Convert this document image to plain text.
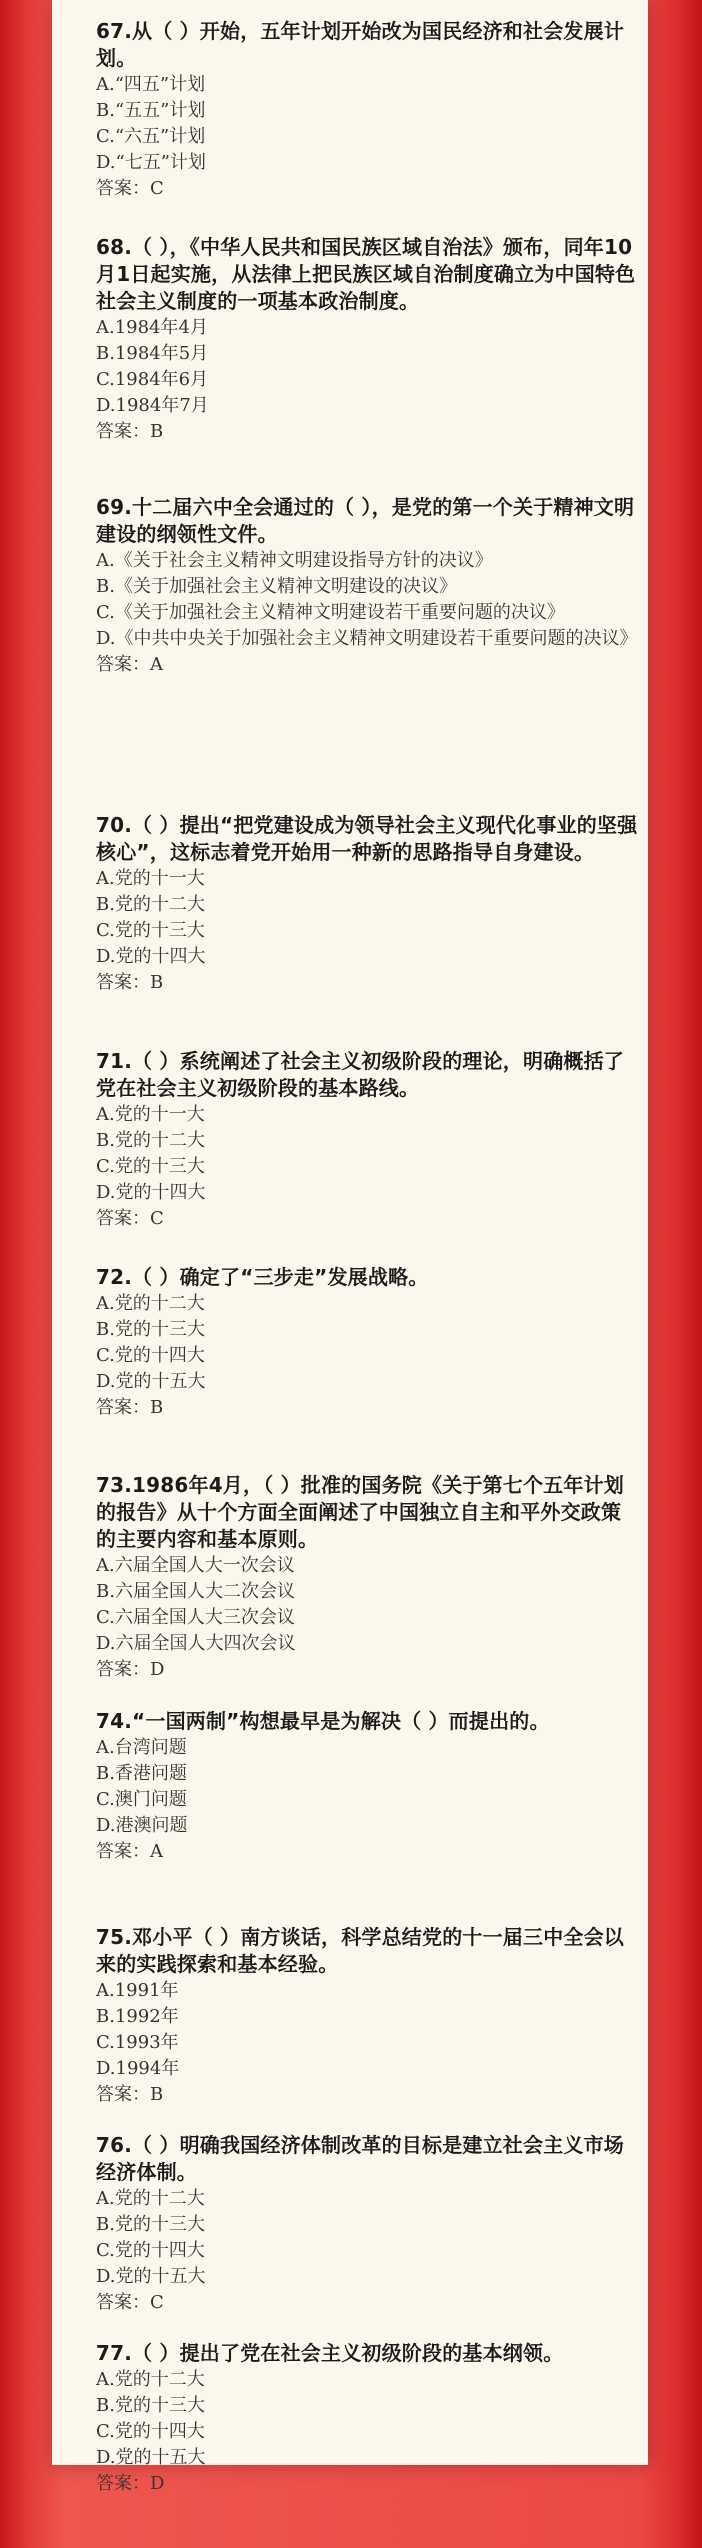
67.从（ ）开始，五年计划开始改为国民经济和社会发展计划。
A.“四五”计划
B.“五五”计划
C.“六五”计划
D.“七五”计划
答案：C
68.（ ），《中华人民共和国民族区域自治法》颁布，同年10月1日起实施，从法律上把民族区域自治制度确立为中国特色社会主义制度的一项基本政治制度。
A.1984年4月
B.1984年5月
C.1984年6月
D.1984年7月
答案：B
69.十二届六中全会通过的（ ），是党的第一个关于精神文明建设的纲领性文件。
A.《关于社会主义精神文明建设指导方针的决议》
B.《关于加强社会主义精神文明建设的决议》
C.《关于加强社会主义精神文明建设若干重要问题的决议》
D.《中共中央关于加强社会主义精神文明建设若干重要问题的决议》
答案：A
70.（ ）提出“把党建设成为领导社会主义现代化事业的坚强核心”，这标志着党开始用一种新的思路指导自身建设。
A.党的十一大
B.党的十二大
C.党的十三大
D.党的十四大
答案：B
71.（ ）系统阐述了社会主义初级阶段的理论，明确概括了党在社会主义初级阶段的基本路线。
A.党的十一大
B.党的十二大
C.党的十三大
D.党的十四大
答案：C
72.（ ）确定了“三步走”发展战略。
A.党的十二大
B.党的十三大
C.党的十四大
D.党的十五大
答案：B
73.1986年4月，（ ）批准的国务院《关于第七个五年计划的报告》从十个方面全面阐述了中国独立自主和平外交政策的主要内容和基本原则。
A.六届全国人大一次会议
B.六届全国人大二次会议
C.六届全国人大三次会议
D.六届全国人大四次会议
答案：D
74.“一国两制”构想最早是为解决（ ）而提出的。
A.台湾问题
B.香港问题
C.澳门问题
D.港澳问题
答案：A
75.邓小平（ ）南方谈话，科学总结党的十一届三中全会以来的实践探索和基本经验。
A.1991年
B.1992年
C.1993年
D.1994年
答案：B
76.（ ）明确我国经济体制改革的目标是建立社会主义市场经济体制。
A.党的十二大
B.党的十三大
C.党的十四大
D.党的十五大
答案：C
77.（ ）提出了党在社会主义初级阶段的基本纲领。
A.党的十二大
B.党的十三大
C.党的十四大
D.党的十五大
答案：D
